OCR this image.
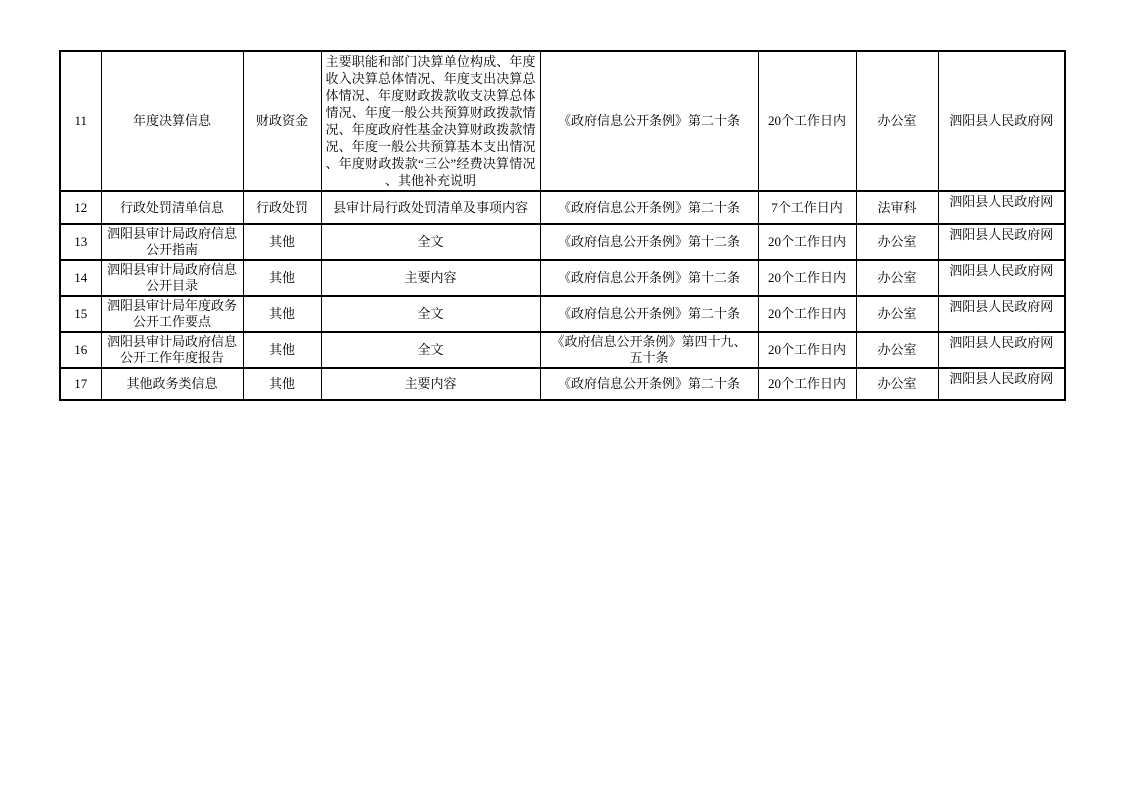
11	年度决算信息	财政资金	主要职能和部门决算单位构成、年度收入决算总体情况、年度支出决算总体情况、年度财政拨款收支决算总体情况、年度一般公共预算财政拨款情况、年度政府性基金决算财政拨款情况、年度一般公共预算基本支出情况、年度财政拨款“三公”经费决算情况、其他补充说明	《政府信息公开条例》第二十条	20个工作日内	办公室	泗阳县人民政府网
12	行政处罚清单信息	行政处罚	县审计局行政处罚清单及事项内容	《政府信息公开条例》第二十条	7个工作日内	法审科	泗阳县人民政府网
13	泗阳县审计局政府信息公开指南	其他	全文	《政府信息公开条例》第十二条	20个工作日内	办公室	泗阳县人民政府网
14	泗阳县审计局政府信息公开目录	其他	主要内容	《政府信息公开条例》第十二条	20个工作日内	办公室	泗阳县人民政府网
15	泗阳县审计局年度政务公开工作要点	其他	全文	《政府信息公开条例》第二十条	20个工作日内	办公室	泗阳县人民政府网
16	泗阳县审计局政府信息公开工作年度报告	其他	全文	《政府信息公开条例》第四十九、五十条	20个工作日内	办公室	泗阳县人民政府网
17	其他政务类信息	其他	主要内容	《政府信息公开条例》第二十条	20个工作日内	办公室	泗阳县人民政府网
